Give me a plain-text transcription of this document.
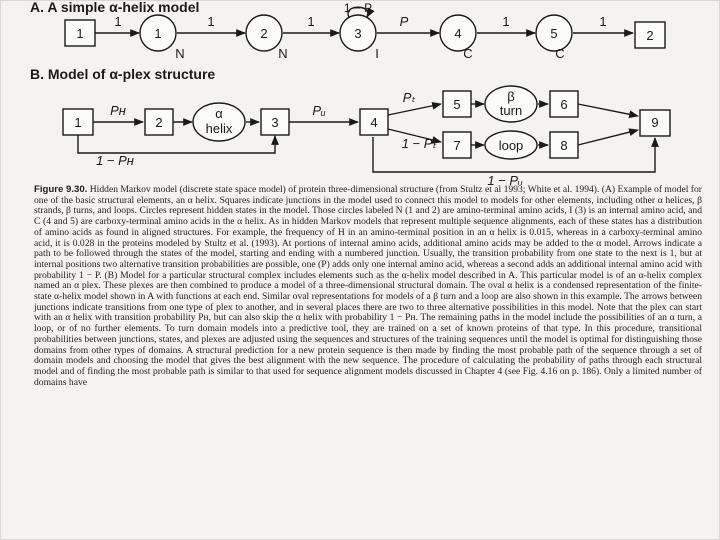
A. A simple α-helix model
B. Model of α-plex structure
1	2
1	2	3	4	5
N	N	I	C	C
1	1	1	P	1	1
1 − P
1	2	3	4
5	6
7	8
9
α
helix
β
turn
loop
Pʜ	Pᵤ
Pₜ
1 − Pₜ
1 − Pʜ
1 − Pᵤ
Figure 9.30. Hidden Markov model (discrete state space model) of protein three-dimensional structure (from Stultz et al 1993; White et al. 1994). (A) Example of model for one of the basic structural elements, an α helix. Squares indicate junctions in the model used to connect this model to models for other elements, including other α helices, β strands, β turns, and loops. Circles represent hidden states in the model. Those circles labeled N (1 and 2) are amino-terminal amino acids, I (3) is an internal amino acid, and C (4 and 5) are carboxy-terminal amino acids in the α helix. As in hidden Markov models that represent multiple sequence alignments, each of these states has a distribution of amino acids as found in aligned structures. For example, the frequency of H in an amino-terminal position in an α helix is 0.015, whereas in a carboxy-terminal amino acid, it is 0.028 in the proteins modeled by Stultz et al. (1993). At portions of internal amino acids, additional amino acids may be added to the α model. Arrows indicate a path to be followed through the states of the model, starting and ending with a numbered junction. Usually, the transition probability from one state to the next is 1, but at internal positions two alternative transition probabilities are possible, one (P) adds only one internal amino acid, whereas a second adds an additional internal amino acid with probability 1 − P. (B) Model for a particular structural complex includes elements such as the α-helix model described in A. This particular model is of an α-helix complex named an α plex. These plexes are then combined to produce a model of a three-dimensional structural domain. The oval α helix is a condensed representation of the finite-state α-helix model shown in A with functions at each end. Similar oval representations for models of a β turn and a loop are also shown in this example. The arrows between junctions indicate transitions from one type of plex to another, and in several places there are two to three alternative possibilities in this model. Note that the plex can start with an α helix with transition probability Pʜ, but can also skip the α helix with probability 1 − Pʜ. The remaining paths in the model include the possibilities of an α turn, a loop, or of no further elements. To turn domain models into a predictive tool, they are trained on a set of known proteins of that type. In this procedure, transitional probabilities between junctions, states, and plexes are adjusted using the sequences and structures of the training sequences until the model is optimal for distinguishing those domains from other types of domains. A structural prediction for a new protein sequence is then made by finding the most probable path of the sequence through a set of domain models and choosing the model that gives the best alignment with the new sequence. The procedure of calculating the probability of paths through each structural model and of finding the most probable path is similar to that used for sequence alignment models discussed in Chapter 4 (see Fig. 4.16 on p. 186). Only a limited number of domains have
